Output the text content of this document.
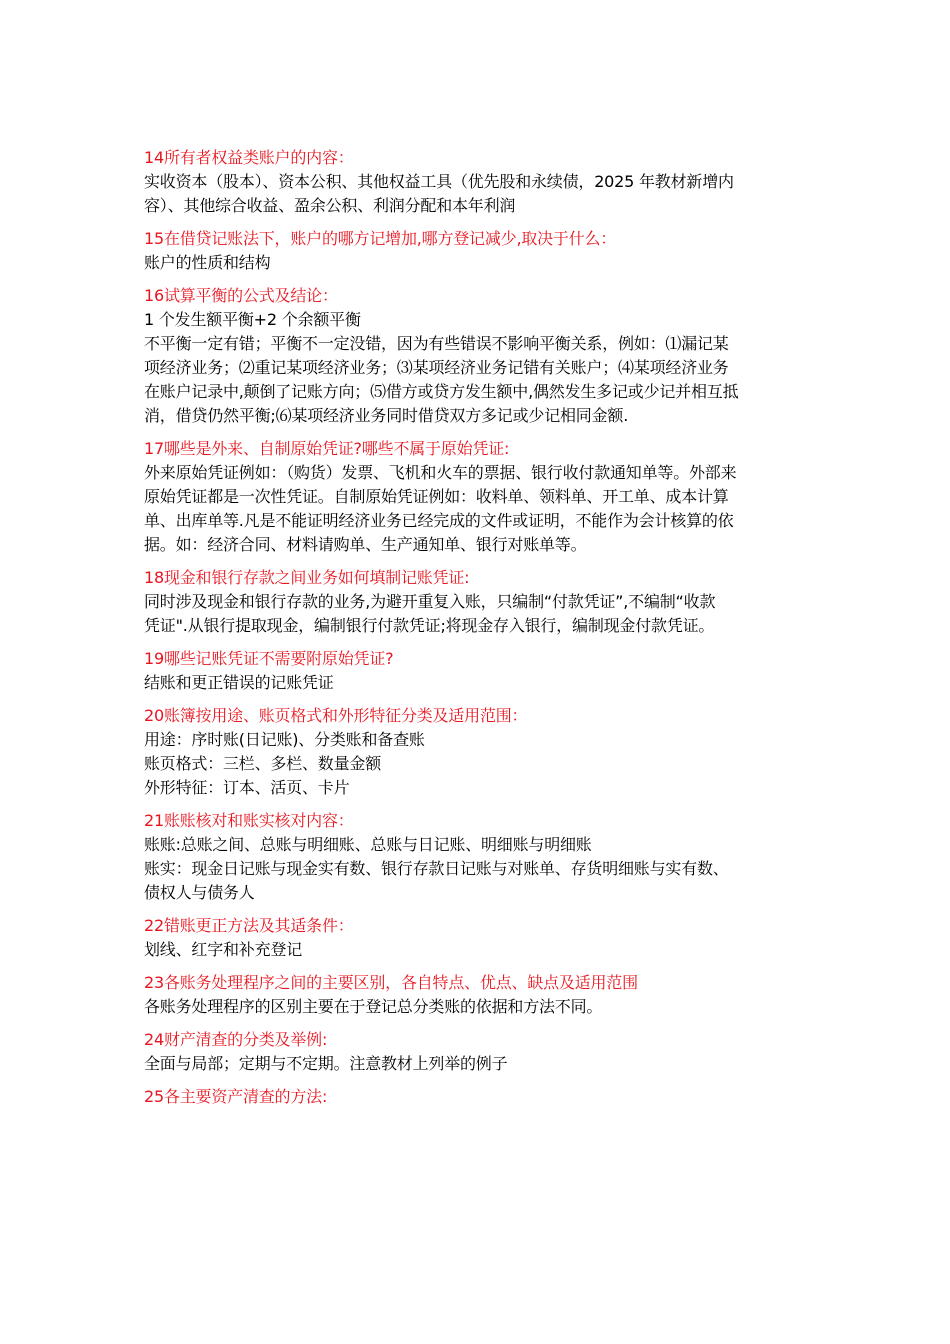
14所有者权益类账户的内容：
实收资本（股本）、资本公积、其他权益工具（优先股和永续债，2025 年教材新增内
容）、其他综合收益、盈余公积、利润分配和本年利润
15在借贷记账法下，账户的哪方记增加,哪方登记减少,取决于什么：
账户的性质和结构
16试算平衡的公式及结论：
1 个发生额平衡+2 个余额平衡
不平衡一定有错；平衡不一定没错，因为有些错误不影响平衡关系，例如：⑴漏记某
项经济业务；⑵重记某项经济业务；⑶某项经济业务记错有关账户；⑷某项经济业务
在账户记录中,颠倒了记账方向；⑸借方或贷方发生额中,偶然发生多记或少记并相互抵
消，借贷仍然平衡;⑹某项经济业务同时借贷双方多记或少记相同金额.
17哪些是外来、自制原始凭证?哪些不属于原始凭证:
外来原始凭证例如：（购货）发票、飞机和火车的票据、银行收付款通知单等。外部来
原始凭证都是一次性凭证。自制原始凭证例如：收料单、领料单、开工单、成本计算
单、出库单等.凡是不能证明经济业务已经完成的文件或证明，不能作为会计核算的依
据。如：经济合同、材料请购单、生产通知单、银行对账单等。
18现金和银行存款之间业务如何填制记账凭证:
同时涉及现金和银行存款的业务,为避开重复入账，只编制“付款凭证”,不编制“收款
凭证".从银行提取现金，编制银行付款凭证;将现金存入银行，编制现金付款凭证。
19哪些记账凭证不需要附原始凭证?
结账和更正错误的记账凭证
20账簿按用途、账页格式和外形特征分类及适用范围：
用途：序时账(日记账)、分类账和备查账
账页格式：三栏、多栏、数量金额
外形特征：订本、活页、卡片
21账账核对和账实核对内容：
账账:总账之间、总账与明细账、总账与日记账、明细账与明细账
账实：现金日记账与现金实有数、银行存款日记账与对账单、存货明细账与实有数、
债权人与债务人
22错账更正方法及其适条件：
划线、红字和补充登记
23各账务处理程序之间的主要区别，各自特点、优点、缺点及适用范围
各账务处理程序的区别主要在于登记总分类账的依据和方法不同。
24财产清查的分类及举例:
全面与局部；定期与不定期。注意教材上列举的例子
25各主要资产清查的方法:
